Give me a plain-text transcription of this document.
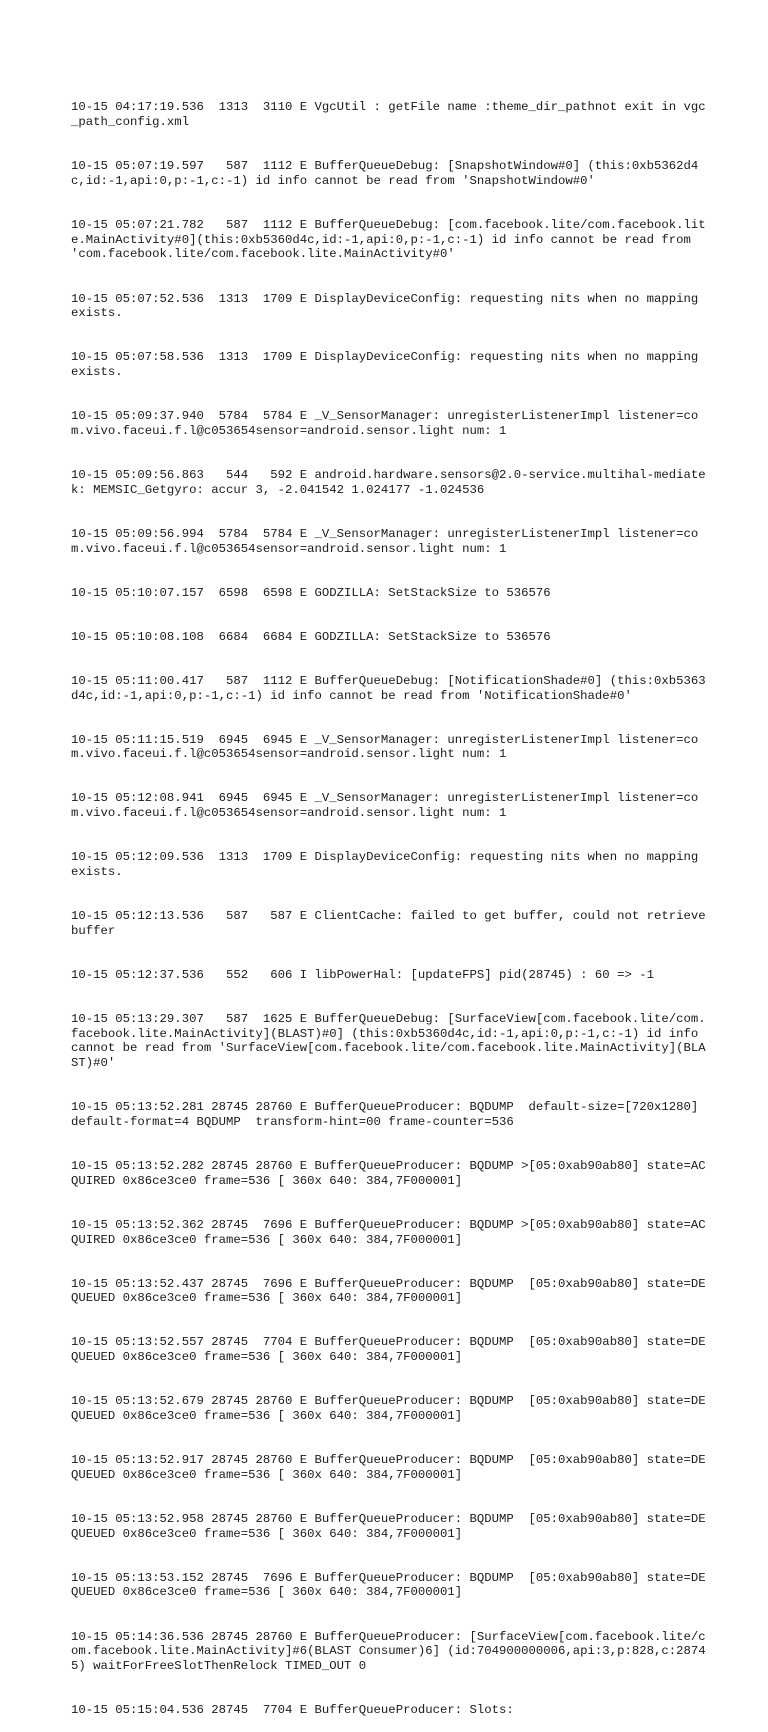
10-15 04:17:19.536  1313  3110 E VgcUtil : getFile name :theme_dir_pathnot exit in vgc_path_config.xml

10-15 05:07:19.597   587  1112 E BufferQueueDebug: [SnapshotWindow#0] (this:0xb5362d4c,id:-1,api:0,p:-1,c:-1) id info cannot be read from 'SnapshotWindow#0'

10-15 05:07:21.782   587  1112 E BufferQueueDebug: [com.facebook.lite/com.facebook.lite.MainActivity#0](this:0xb5360d4c,id:-1,api:0,p:-1,c:-1) id info cannot be read from 'com.facebook.lite/com.facebook.lite.MainActivity#0'

10-15 05:07:52.536  1313  1709 E DisplayDeviceConfig: requesting nits when no mapping exists.

10-15 05:07:58.536  1313  1709 E DisplayDeviceConfig: requesting nits when no mapping exists.

10-15 05:09:37.940  5784  5784 E _V_SensorManager: unregisterListenerImpl listener=com.vivo.faceui.f.l@c053654sensor=android.sensor.light num: 1

10-15 05:09:56.863   544   592 E android.hardware.sensors@2.0-service.multihal-mediatek: MEMSIC_Getgyro: accur 3, -2.041542 1.024177 -1.024536

10-15 05:09:56.994  5784  5784 E _V_SensorManager: unregisterListenerImpl listener=com.vivo.faceui.f.l@c053654sensor=android.sensor.light num: 1

10-15 05:10:07.157  6598  6598 E GODZILLA: SetStackSize to 536576

10-15 05:10:08.108  6684  6684 E GODZILLA: SetStackSize to 536576

10-15 05:11:00.417   587  1112 E BufferQueueDebug: [NotificationShade#0] (this:0xb5363d4c,id:-1,api:0,p:-1,c:-1) id info cannot be read from 'NotificationShade#0'

10-15 05:11:15.519  6945  6945 E _V_SensorManager: unregisterListenerImpl listener=com.vivo.faceui.f.l@c053654sensor=android.sensor.light num: 1

10-15 05:12:08.941  6945  6945 E _V_SensorManager: unregisterListenerImpl listener=com.vivo.faceui.f.l@c053654sensor=android.sensor.light num: 1

10-15 05:12:09.536  1313  1709 E DisplayDeviceConfig: requesting nits when no mapping exists.

10-15 05:12:13.536   587   587 E ClientCache: failed to get buffer, could not retrieve buffer

10-15 05:12:37.536   552   606 I libPowerHal: [updateFPS] pid(28745) : 60 => -1

10-15 05:13:29.307   587  1625 E BufferQueueDebug: [SurfaceView[com.facebook.lite/com.facebook.lite.MainActivity](BLAST)#0] (this:0xb5360d4c,id:-1,api:0,p:-1,c:-1) id info cannot be read from 'SurfaceView[com.facebook.lite/com.facebook.lite.MainActivity](BLAST)#0'

10-15 05:13:52.281 28745 28760 E BufferQueueProducer: BQDUMP  default-size=[720x1280] default-format=4 BQDUMP  transform-hint=00 frame-counter=536

10-15 05:13:52.282 28745 28760 E BufferQueueProducer: BQDUMP >[05:0xab90ab80] state=ACQUIRED 0x86ce3ce0 frame=536 [ 360x 640: 384,7F000001]

10-15 05:13:52.362 28745  7696 E BufferQueueProducer: BQDUMP >[05:0xab90ab80] state=ACQUIRED 0x86ce3ce0 frame=536 [ 360x 640: 384,7F000001]

10-15 05:13:52.437 28745  7696 E BufferQueueProducer: BQDUMP  [05:0xab90ab80] state=DEQUEUED 0x86ce3ce0 frame=536 [ 360x 640: 384,7F000001]

10-15 05:13:52.557 28745  7704 E BufferQueueProducer: BQDUMP  [05:0xab90ab80] state=DEQUEUED 0x86ce3ce0 frame=536 [ 360x 640: 384,7F000001]

10-15 05:13:52.679 28745 28760 E BufferQueueProducer: BQDUMP  [05:0xab90ab80] state=DEQUEUED 0x86ce3ce0 frame=536 [ 360x 640: 384,7F000001]

10-15 05:13:52.917 28745 28760 E BufferQueueProducer: BQDUMP  [05:0xab90ab80] state=DEQUEUED 0x86ce3ce0 frame=536 [ 360x 640: 384,7F000001]

10-15 05:13:52.958 28745 28760 E BufferQueueProducer: BQDUMP  [05:0xab90ab80] state=DEQUEUED 0x86ce3ce0 frame=536 [ 360x 640: 384,7F000001]

10-15 05:13:53.152 28745  7696 E BufferQueueProducer: BQDUMP  [05:0xab90ab80] state=DEQUEUED 0x86ce3ce0 frame=536 [ 360x 640: 384,7F000001]

10-15 05:14:36.536 28745 28760 E BufferQueueProducer: [SurfaceView[com.facebook.lite/com.facebook.lite.MainActivity]#6(BLAST Consumer)6] (id:704900000006,api:3,p:828,c:28745) waitForFreeSlotThenRelock TIMED_OUT 0

10-15 05:15:04.536 28745  7704 E BufferQueueProducer: Slots:
